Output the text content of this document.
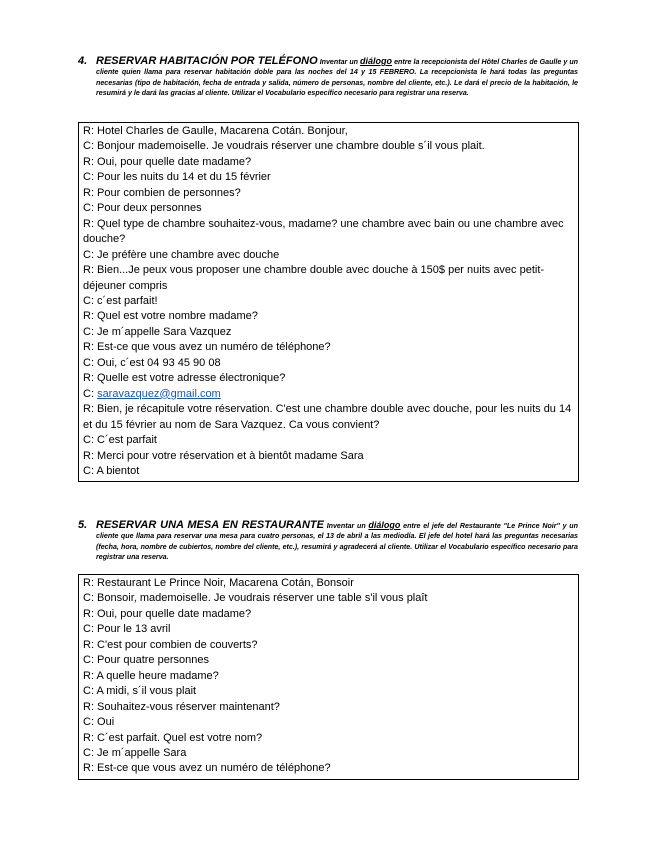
4. RESERVAR HABITACIÓN POR TELÉFONO Inventar un diálogo entre la recepcionista del Hôtel Charles de Gaulle y un cliente quien llama para reservar habitación doble para las noches del 14 y 15 FEBRERO. La recepcionista le hará todas las preguntas necesarias (tipo de habitación, fecha de entrada y salida, número de personas, nombre del cliente, etc.). Le dará el precio de la habitación, le resumirá y le dará las gracias al cliente. Utilizar el Vocabulario específico necesario para registrar una reserva.
R: Hotel Charles de Gaulle, Macarena Cotán. Bonjour,
C: Bonjour mademoiselle. Je voudrais réserver une chambre double s´il vous plait.
R: Oui, pour quelle date madame?
C: Pour les nuits du 14 et du 15 février
R: Pour combien de personnes?
C: Pour deux personnes
R: Quel type de chambre souhaitez-vous, madame? une chambre avec bain ou une chambre avec douche?
C: Je préfère une chambre avec douche
R: Bien...Je peux vous proposer une chambre double avec douche à 150$ per nuits avec petit-déjeuner compris
C: c´est parfait!
R: Quel est votre nombre madame?
C: Je m´appelle Sara Vazquez
R: Est-ce que vous avez un numéro de téléphone?
C: Oui, c´est 04 93 45 90 08
R: Quelle est votre adresse électronique?
C: saravazquez@gmail.com
R: Bien, je récapitule votre réservation. C'est une chambre double avec douche, pour les nuits du 14 et du 15 février au nom de Sara Vazquez. Ca vous convient?
C: C´est parfait
R: Merci pour votre réservation et à bientôt madame Sara
C: A bientot
5. RESERVAR UNA MESA EN RESTAURANTE Inventar un diálogo entre el jefe del Restaurante "Le Prince Noir" y un cliente que llama para reservar una mesa para cuatro personas, el 13 de abril a las mediodía. El jefe del hotel hará las preguntas necesarias (fecha, hora, nombre de cubiertos, nombre del cliente, etc.), resumirá y agradecerá al cliente. Utilizar el Vocabulario específico necesario para registrar una reserva.
R: Restaurant Le Prince Noir, Macarena Cotán, Bonsoir
C: Bonsoir, mademoiselle. Je voudrais réserver une table s'il vous plaît
R: Oui, pour quelle date madame?
C: Pour le 13 avril
R: C'est pour combien de couverts?
C: Pour quatre personnes
R: A quelle heure madame?
C: A midi, s´il vous plait
R: Souhaitez-vous réserver maintenant?
C: Oui
R: C´est parfait. Quel est votre nom?
C: Je m´appelle Sara
R: Est-ce que vous avez un numéro de téléphone?
